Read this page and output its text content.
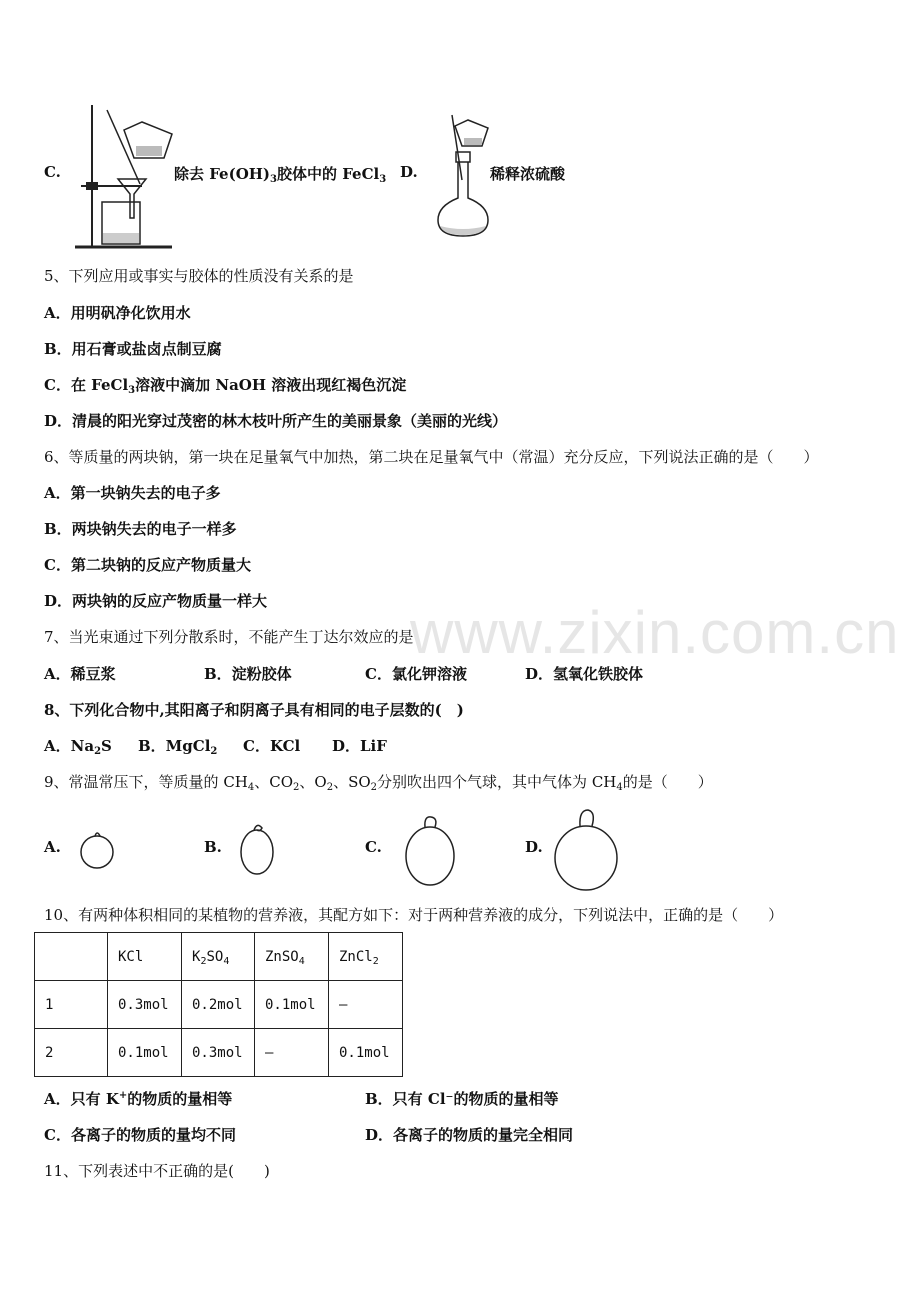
www.zixin.com.cn
C.	除去 $Fe(OH)_3$胶体中的 FeCl$_3$ D.	稀释浓硫酸
5、下列应用或事实与胶体的性质没有关系的是
A．用明矾净化饮用水
B．用石膏或盐卤点制豆腐
C．在 FeCl$_3$溶液中滴加 NaOH 溶液出现红褐色沉淀
D．清晨的阳光穿过茂密的林木枝叶所产生的美丽景象（美丽的光线）
6、等质量的两块钠，第一块在足量氧气中加热，第二块在足量氧气中（常温）充分反应，下列说法正确的是（　　）
A．第一块钠失去的电子多
B．两块钠失去的电子一样多
C．第二块钠的反应产物质量大
D．两块钠的反应产物质量一样大
7、当光束通过下列分散系时，不能产生丁达尔效应的是
A．稀豆浆	B．淀粉胶体	C．氯化钾溶液	D．氢氧化铁胶体
8、下列化合物中,其阳离子和阴离子具有相同的电子层数的(　)
A．$Na_2S$ B．MgCl$_2$ C．KCl D．LiF
9、常温常压下，等质量的 $CH_4$、$CO_2$、$O_2$、$SO_2$分别吹出四个气球，其中气体为 $CH_4$的是（　　）
A.	B.	C.	D.
10、有两种体积相同的某植物的营养液，其配方如下：对于两种营养液的成分，下列说法中，正确的是（　　）
	KCl	$K_2SO_4$	ZnSO$_4$	ZnCl$_2$
1	0.3mol	0.2mol	0.1mol	—
2	0.1mol	0.3mol	—	0.1mol
A．只有 K+的物质的量相等	B．只有 Cl⁻的物质的量相等
C．各离子的物质的量均不同	D．各离子的物质的量完全相同
11、下列表述中不正确的是(　　)
